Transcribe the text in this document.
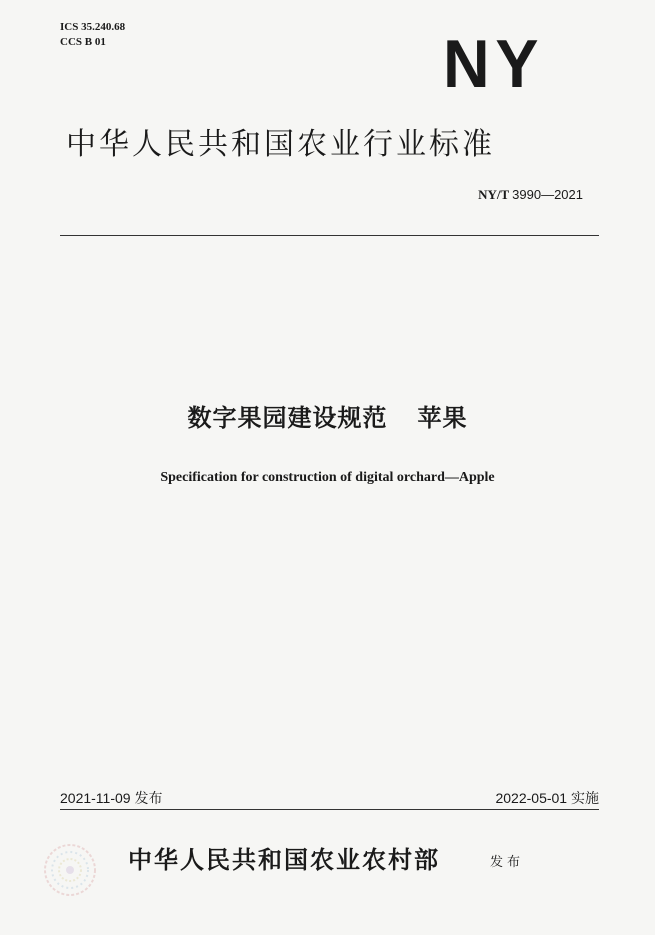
ICS 35.240.68
CCS B 01	NY
中华人民共和国农业行业标准
NY/T 3990—2021
数字果园建设规范 苹果
Specification for construction of digital orchard—Apple
2021-11-09 发布	2022-05-01 实施
中华人民共和国农业农村部	发布
